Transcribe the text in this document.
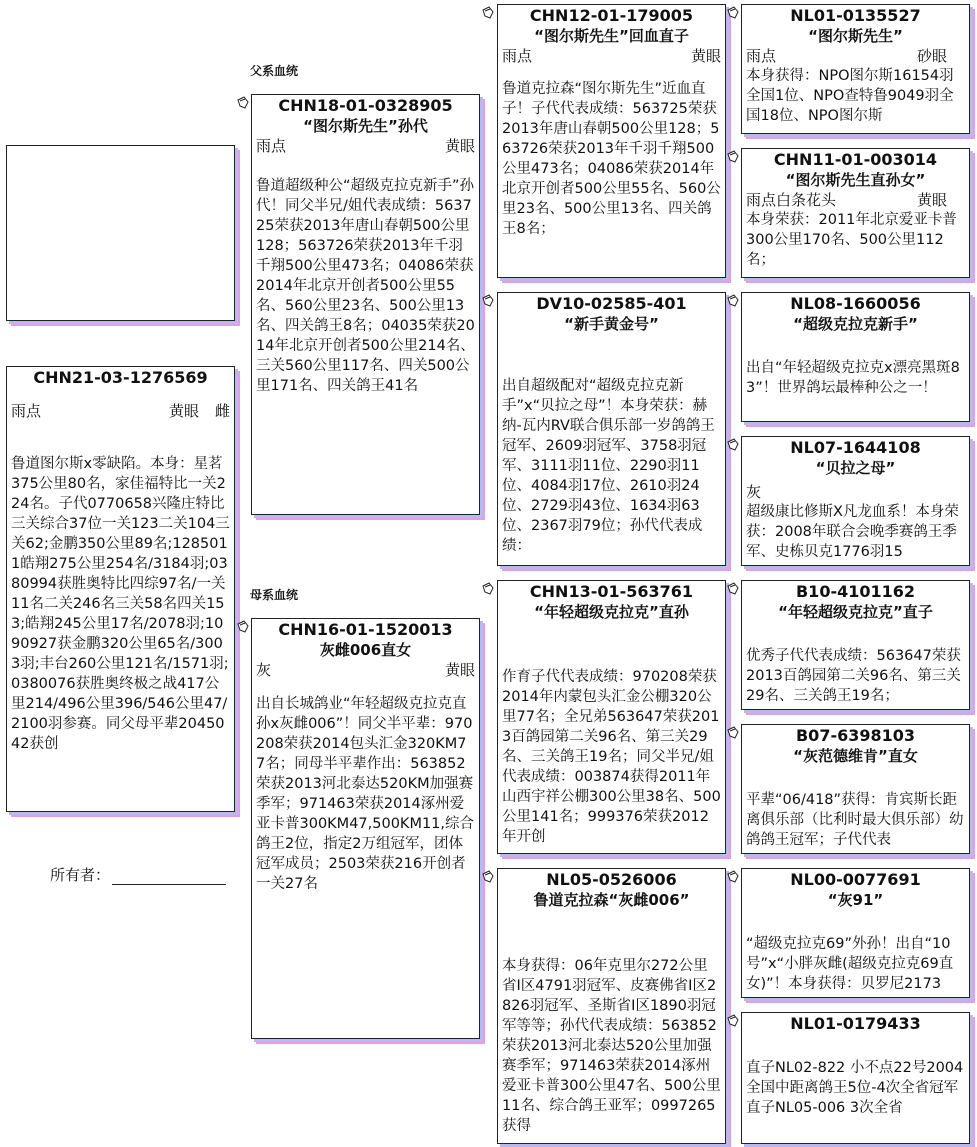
父系血统
母系血统
所有者：
CHN21-03-1276569
雨点	黄眼 雌
鲁道图尔斯x零缺陷。本身：星茗375公里80名，家佳福特比一关224名。子代0770658兴隆庄特比三关综合37位一关123二关104三关62;金鹏350公里89名;1285011皓翔275公里254名/3184羽;0380994获胜奥特比四综97名/一关11名二关246名三关58名四关153;皓翔245公里17名/2078羽;1090927获金鹏320公里65名/3003羽;丰台260公里121名/1571羽;0380076获胜奥终极之战417公里214/496公里396/546公里47/2100羽参赛。同父母平辈2045042获创
CHN18-01-0328905
“图尔斯先生”孙代
雨点	黄眼
鲁道超级种公“超级克拉克新手”孙代！同父半兄/姐代表成绩：563725荣获2013年唐山春朝500公里128；563726荣获2013年千羽千翔500公里473名；04086荣获2014年北京开创者500公里55名、560公里23名、500公里13名、四关鸽王8名；04035荣获2014年北京开创者500公里214名、三关560公里117名、四关500公里171名、四关鸽王41名
CHN16-01-1520013
灰雌006直女
灰	黄眼
出自长城鸽业“年轻超级克拉克直孙x灰雌006”！同父半平辈：970208荣获2014包头汇金320KM77名；同母半平辈作出：563852荣获2013河北泰达520KM加强赛季军；971463荣获2014涿州爱亚卡普300KM47,500KM11,综合鸽王2位，指定2万组冠军，团体冠军成员；2503荣获216开创者一关27名
CHN12-01-179005
“图尔斯先生”回血直子
雨点	黄眼
鲁道克拉森“图尔斯先生”近血直子！子代代表成绩：563725荣获2013年唐山春朝500公里128；563726荣获2013年千羽千翔500公里473名；04086荣获2014年北京开创者500公里55名、560公里23名、500公里13名、四关鸽王8名；
DV10-02585-401
“新手黄金号”
出自超级配对“超级克拉克新手”x“贝拉之母”！本身荣获：赫纳-瓦内RV联合俱乐部一岁鸽鸽王冠军、2609羽冠军、3758羽冠军、3111羽11位、2290羽11位、4084羽17位、2610羽24位、2729羽43位、1634羽63位、2367羽79位；孙代代表成绩：
CHN13-01-563761
“年轻超级克拉克”直孙
作育子代代表成绩：970208荣获2014年内蒙包头汇金公棚320公里77名；全兄弟563647荣获2013百鸽园第二关96名、第三关29名、三关鸽王19名；同父半兄/姐代表成绩：003874获得2011年山西宇祥公棚300公里38名、500公里141名；999376荣获2012年开创
NL05-0526006
鲁道克拉森“灰雌006”
本身获得：06年克里尔272公里省I区4791羽冠军、皮赛佛省I区2826羽冠军、圣斯省I区1890羽冠军等等；孙代代表成绩：563852荣获2013河北泰达520公里加强赛季军；971463荣获2014涿州爱亚卡普300公里47名、500公里11名、综合鸽王亚军；0997265获得
NL01-0135527
“图尔斯先生”
雨点	砂眼
本身获得：NPO图尔斯16154羽全国1位、NPO查特鲁9049羽全国18位、NPO图尔斯
CHN11-01-003014
“图尔斯先生直孙女”
雨点白条花头	黄眼
本身荣获：2011年北京爱亚卡普300公里170名、500公里112名；
NL08-1660056
“超级克拉克新手”
出自“年轻超级克拉克x漂亮黑斑83”！世界鸽坛最棒种公之一！
NL07-1644108
“贝拉之母”
灰
超级康比修斯X凡龙血系！本身荣获：2008年联合会晚季赛鸽王季军、史栋贝克1776羽15
B10-4101162
“年轻超级克拉克”直子
优秀子代代表成绩：563647荣获2013百鸽园第二关96名、第三关29名、三关鸽王19名；
B07-6398103
“灰范德维肯”直女
平辈“06/418”获得：肯宾斯长距离俱乐部（比利时最大俱乐部）幼鸽鸽王冠军；子代代表
NL00-0077691
“灰91”
“超级克拉克69”外孙！出自“10号”x“小胖灰雌(超级克拉克69直女)”！本身获得：贝罗尼2173
NL01-0179433
直子NL02-822 小不点22号2004全国中距离鸽王5位-4次全省冠军直子NL05-006 3次全省
